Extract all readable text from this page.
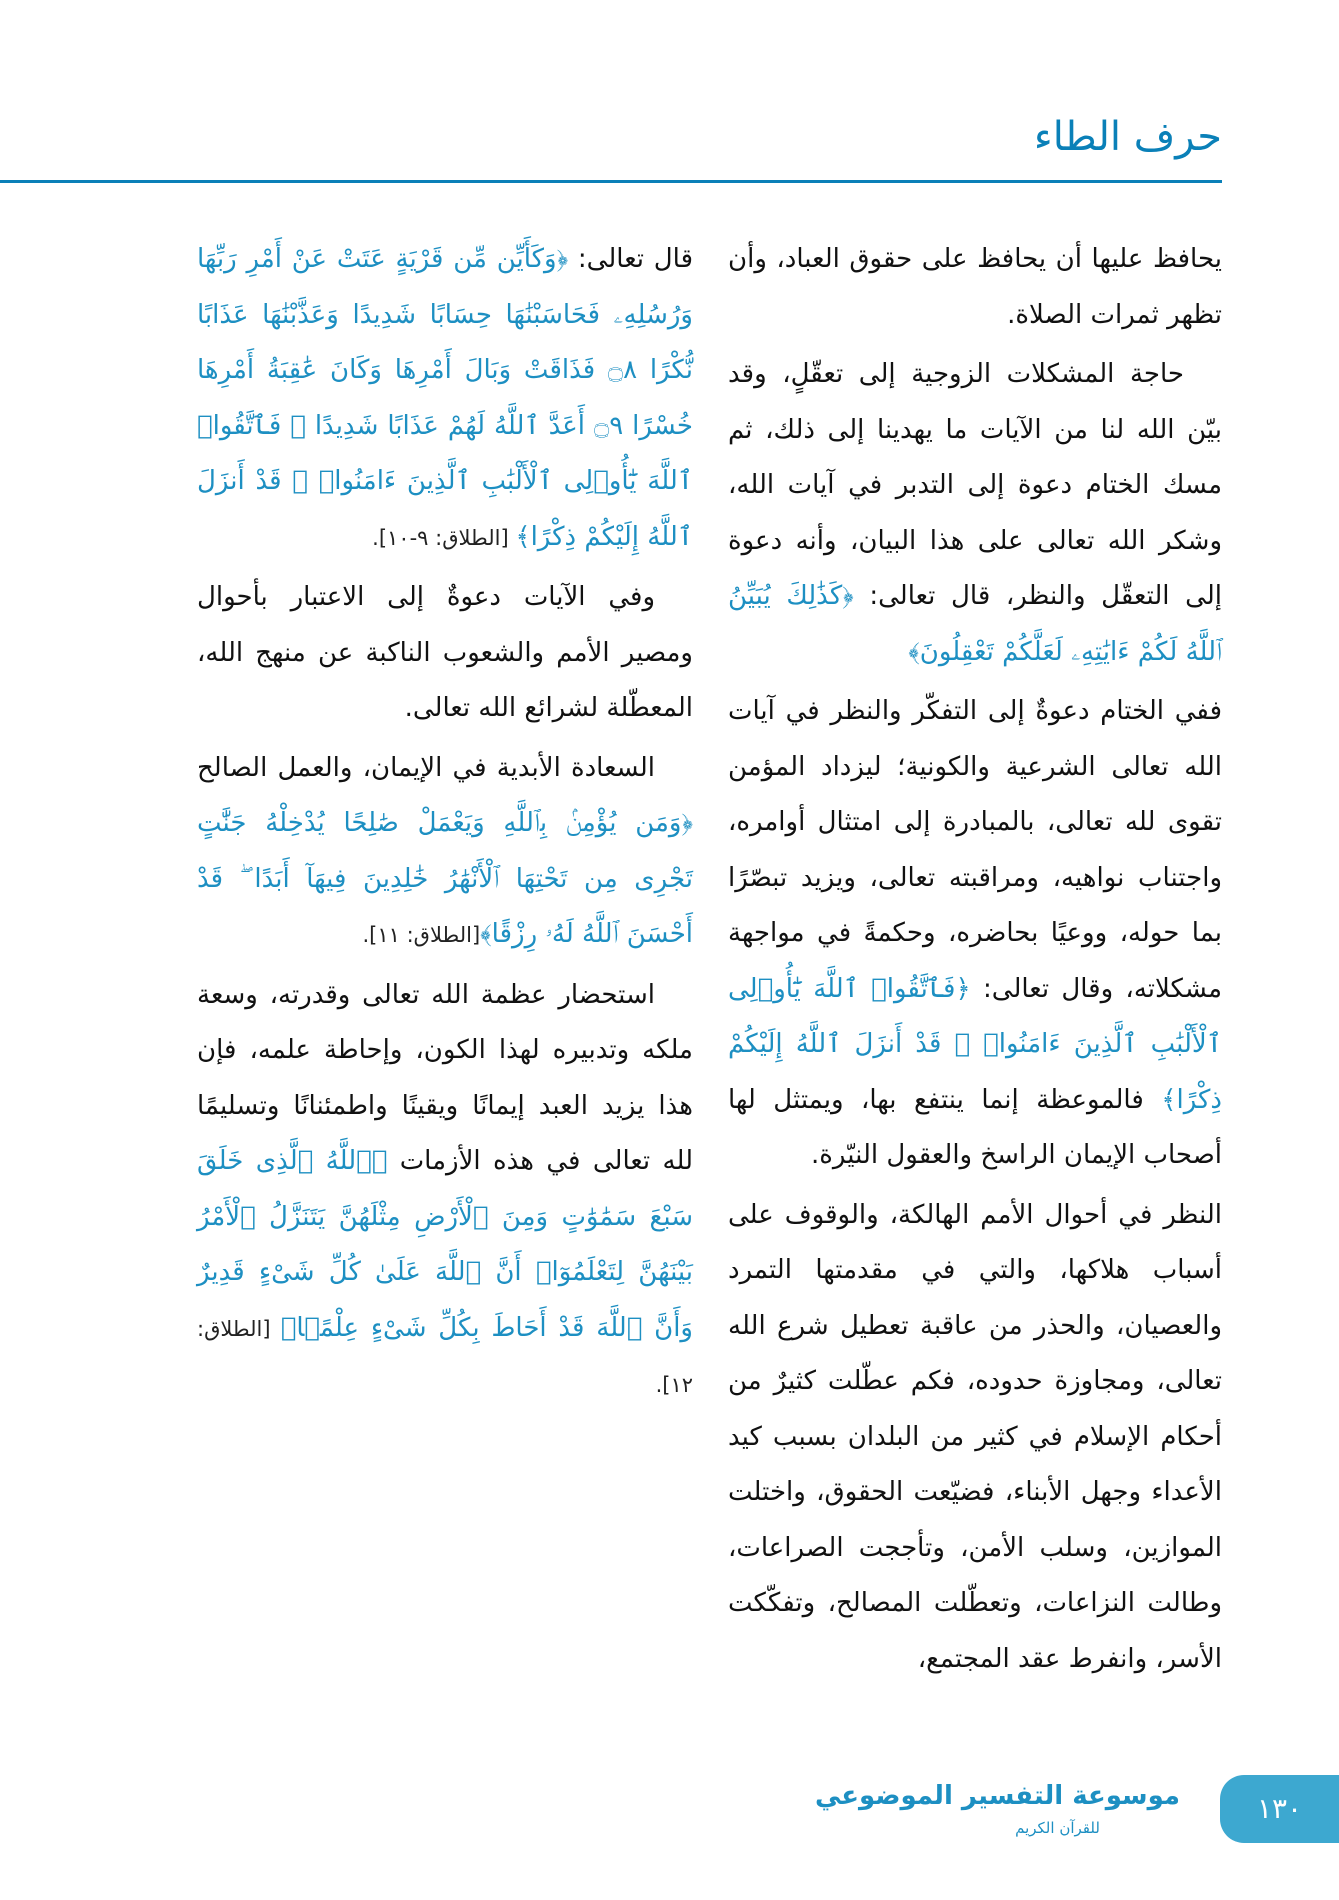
حرف الطاء

قال تعالى: ﴿وَكَأَيِّن مِّن قَرْيَةٍ عَتَتْ عَنْ أَمْرِ رَبِّهَا وَرُسُلِهِۦ فَحَاسَبْنَٰهَا حِسَابًا شَدِيدًا وَعَذَّبْنَٰهَا عَذَابًا نُّكْرًا ۝٨ فَذَاقَتْ وَبَالَ أَمْرِهَا وَكَانَ عَٰقِبَةُ أَمْرِهَا خُسْرًا ۝٩ أَعَدَّ ٱللَّهُ لَهُمْ عَذَابًا شَدِيدًا ۖ فَٱتَّقُوا۟ ٱللَّهَ يَٰٓأُو۟لِى ٱلْأَلْبَٰبِ ٱلَّذِينَ ءَامَنُوا۟ ۚ قَدْ أَنزَلَ ٱللَّهُ إِلَيْكُمْ ذِكْرًا﴾ [الطلاق: ٩-١٠].

وفي الآيات دعوةٌ إلى الاعتبار بأحوال ومصير الأمم والشعوب الناكبة عن منهج الله، المعطّلة لشرائع الله تعالى.

السعادة الأبدية في الإيمان، والعمل الصالح ﴿وَمَن يُؤْمِنۢ بِٱللَّهِ وَيَعْمَلْ صَٰلِحًا يُدْخِلْهُ جَنَّٰتٍ تَجْرِى مِن تَحْتِهَا ٱلْأَنْهَٰرُ خَٰلِدِينَ فِيهَآ أَبَدًا ۖ قَدْ أَحْسَنَ ٱللَّهُ لَهُۥ رِزْقًا﴾[الطلاق: ١١].

استحضار عظمة الله تعالى وقدرته، وسعة ملكه وتدبيره لهذا الكون، وإحاطة علمه، فإن هذا يزيد العبد إيمانًا ويقينًا واطمئنانًا وتسليمًا لله تعالى في هذه الأزمات ﴿ٱللَّهُ ٱلَّذِى خَلَقَ سَبْعَ سَمَٰوَٰتٍ وَمِنَ ٱلْأَرْضِ مِثْلَهُنَّ يَتَنَزَّلُ ٱلْأَمْرُ بَيْنَهُنَّ لِتَعْلَمُوٓا۟ أَنَّ ٱللَّهَ عَلَىٰ كُلِّ شَىْءٍ قَدِيرٌ وَأَنَّ ٱللَّهَ قَدْ أَحَاطَ بِكُلِّ شَىْءٍ عِلْمًۢا﴾ [الطلاق: ١٢].

يحافظ عليها أن يحافظ على حقوق العباد، وأن تظهر ثمرات الصلاة.

حاجة المشكلات الزوجية إلى تعقّلٍ، وقد بيّن الله لنا من الآيات ما يهدينا إلى ذلك، ثم مسك الختام دعوة إلى التدبر في آيات الله، وشكر الله تعالى على هذا البيان، وأنه دعوة إلى التعقّل والنظر، قال تعالى: ﴿كَذَٰلِكَ يُبَيِّنُ ٱللَّهُ لَكُمْ ءَايَٰتِهِۦ لَعَلَّكُمْ تَعْقِلُونَ﴾

ففي الختام دعوةٌ إلى التفكّر والنظر في آيات الله تعالى الشرعية والكونية؛ ليزداد المؤمن تقوى لله تعالى، بالمبادرة إلى امتثال أوامره، واجتناب نواهيه، ومراقبته تعالى، ويزيد تبصّرًا بما حوله، ووعيًا بحاضره، وحكمةً في مواجهة مشكلاته، وقال تعالى: ﴿فَٱتَّقُوا۟ ٱللَّهَ يَٰٓأُو۟لِى ٱلْأَلْبَٰبِ ٱلَّذِينَ ءَامَنُوا۟ ۚ قَدْ أَنزَلَ ٱللَّهُ إِلَيْكُمْ ذِكْرًا﴾ فالموعظة إنما ينتفع بها، ويمتثل لها أصحاب الإيمان الراسخ والعقول النيّرة.

النظر في أحوال الأمم الهالكة، والوقوف على أسباب هلاكها، والتي في مقدمتها التمرد والعصيان، والحذر من عاقبة تعطيل شرع الله تعالى، ومجاوزة حدوده، فكم عطّلت كثيرٌ من أحكام الإسلام في كثير من البلدان بسبب كيد الأعداء وجهل الأبناء، فضيّعت الحقوق، واختلت الموازين، وسلب الأمن، وتأججت الصراعات، وطالت النزاعات، وتعطّلت المصالح، وتفكّكت الأسر، وانفرط عقد المجتمع،

موسوعة التفسير الموضوعي
للقرآن الكريم
١٣٠
